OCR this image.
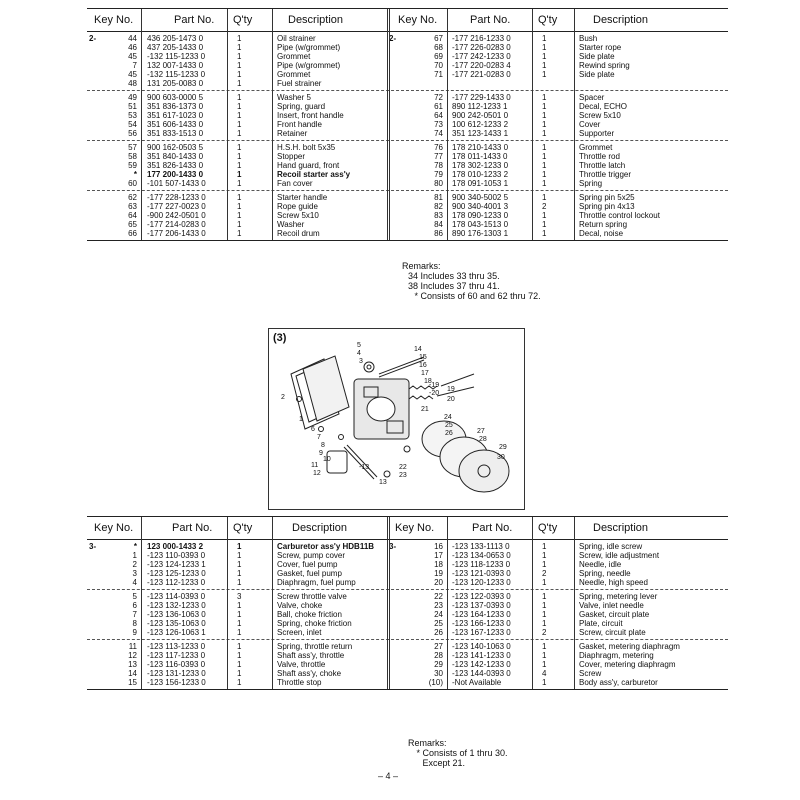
Key No.	Part No. Q'ty	Description	Key No.	Part No.	Q'ty	Description
2-	44 436 205-1473 0	1	Oil strainer	2-	67 -177 216-1233 0	1	Bush
46 437 205-1433 0	1	Pipe (w/grommet)	68 -177 226-0283 0	1	Starter rope
45 -132 115-1233 0	1	Grommet	69 -177 242-1233 0	1	Side plate
7 132 007-1433 0	1	Pipe (w/grommet)	70 -177 220-0283 4	1	Rewind spring
45 -132 115-1233 0	1	Grommet	71 -177 221-0283 0	1	Side plate
48 131 205-0083 0	1	Fuel strainer
49 900 603-0000 5	1	Washer 5	72 -177 229-1433 0	1	Spacer
51 351 836-1373 0	1	Spring, guard	61 890 112-1233 1	1	Decal, ECHO
53 351 617-1023 0	1	Insert, front handle	64 900 242-0501 0	1	Screw 5x10
54 351 606-1433 0	1	Front handle	73 100 612-1233 2	1	Cover
56 351 833-1513 0	1	Retainer	74 351 123-1433 1	1	Supporter
57 900 162-0503 5	1	H.S.H. bolt 5x35	76 178 210-1433 0	1	Grommet
58 351 840-1433 0	1	Stopper	77 178 011-1433 0	1	Throttle rod
59 351 826-1433 0	1	Hand guard, front	78 178 302-1233 0	1	Throttle latch
* 177 200-1433 0	1	Recoil starter ass'y	79 178 010-1233 2	1	Throttle trigger
60 -101 507-1433 0	1	Fan cover	80 178 091-1053 1	1	Spring
62 -177 228-1233 0	1	Starter handle	81 900 340-5002 5	1	Spring pin 5x25
63 -177 227-0023 0	1	Rope guide	82 900 340-4001 3	2	Spring pin 4x13
64 -900 242-0501 0	1	Screw 5x10	83 178 090-1233 0	1	Throttle control lockout
65 -177 214-0283 0	1	Washer	84 178 043-1513 0	1	Return spring
66 -177 206-1433 0	1	Recoil drum	86 890 176-1303 1	1	Decal, noise
Remarks:
34 Includes 33 thru 35.
38 Includes 37 thru 41.
* Consists of 60 and 62 thru 72.
(3)
5
4
3
2
1
6
7
8
9
10
11
12
13
14
15
16
17
18
19
20
21
22
23
24
25
26	27
28
29
30
-19
-20
-13
Key No.	Part No. Q'ty	Description	Key No.	Part No. Q'ty	Description
3-	* 123 000-1433 2	1	Carburetor ass'y HDB11B 3-	16 -123 133-1113 0	1	Spring, idle screw
1 -123 110-0393 0	1	Screw, pump cover	17 -123 134-0653 0	1	Screw, idle adjustment
2 -123 124-1233 1	1	Cover, fuel pump	18 -123 118-1233 0	1	Needle, idle
3 -123 125-1233 0	1	Gasket, fuel pump	19 -123 121-0393 0	2	Spring, needle
4 -123 112-1233 0	1	Diaphragm, fuel pump	20 -123 120-1233 0	1	Needle, high speed
5 -123 114-0393 0	3	Screw throttle valve	22 -123 122-0393 0	1	Spring, metering lever
6 -123 132-1233 0	1	Valve, choke	23 -123 137-0393 0	1	Valve, inlet needle
7 -123 136-1063 0	1	Ball, choke friction	24 -123 164-1233 0	1	Gasket, circuit plate
8 -123 135-1063 0	1	Spring, choke friction	25 -123 166-1233 0	1	Plate, circuit
9 -123 126-1063 1	1	Screen, inlet	26 -123 167-1233 0	2	Screw, circuit plate
11 -123 113-1233 0	1	Spring, throttle return	27 -123 140-1063 0	1	Gasket, metering diaphragm
12 -123 117-1233 0	1	Shaft ass'y, throttle	28 -123 141-1233 0	1	Diaphragm, metering
13 -123 116-0393 0	1	Valve, throttle	29 -123 142-1233 0	1	Cover, metering diaphragm
14 -123 131-1233 0	1	Shaft ass'y, choke	30 -123 144-0393 0	4	Screw
15 -123 156-1233 0	1	Throttle stop	(10) -Not Available	1	Body ass'y, carburetor
Remarks:
* Consists of 1 thru 30.
Except 21.
– 4 –
